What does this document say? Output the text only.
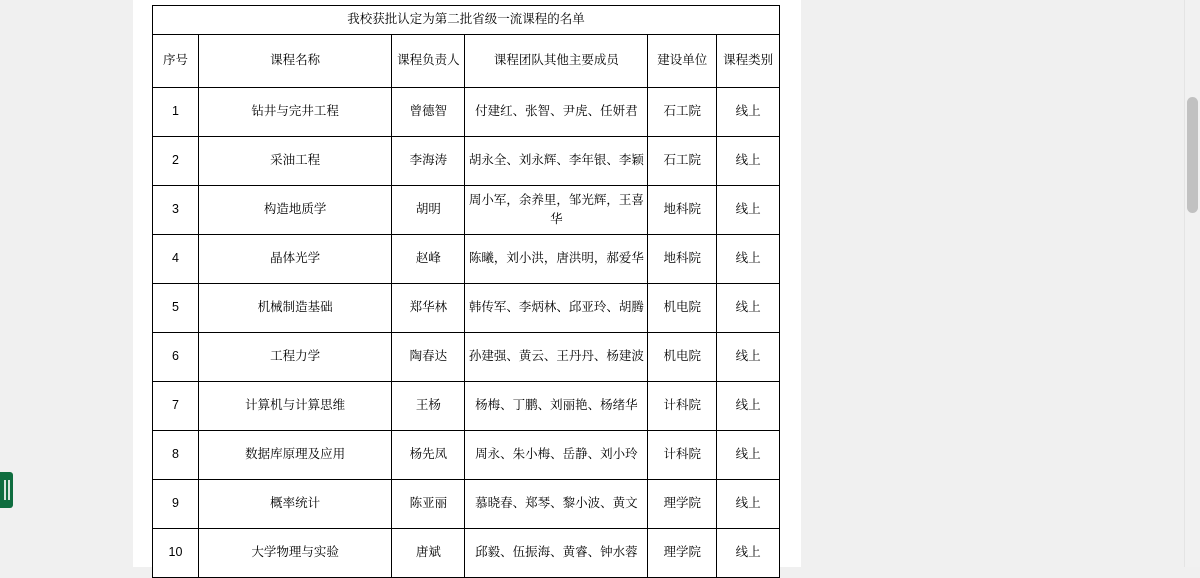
我校获批认定为第二批省级一流课程的名单					
序号	课程名称	课程负责人	课程团队其他主要成员	建设单位	课程类别
1	钻井与完井工程	曾德智	付建红、张智、尹虎、任妍君	石工院	线上
2	采油工程	李海涛	胡永全、刘永辉、李年银、李颖	石工院	线上
3	构造地质学	胡明	周小军，余养里，邹光辉，王喜华	地科院	线上
4	晶体光学	赵峰	陈曦，刘小洪，唐洪明，郝爱华	地科院	线上
5	机械制造基础	郑华林	韩传军、李炳林、邱亚玲、胡腾	机电院	线上
6	工程力学	陶春达	孙建强、黄云、王丹丹、杨建波	机电院	线上
7	计算机与计算思维	王杨	杨梅、丁鹏、刘丽艳、杨绪华	计科院	线上
8	数据库原理及应用	杨先凤	周永、朱小梅、岳静、刘小玲	计科院	线上
9	概率统计	陈亚丽	慕晓春、郑琴、黎小波、黄文	理学院	线上
10	大学物理与实验	唐斌	邱毅、伍振海、黄睿、钟水蓉	理学院	线上
